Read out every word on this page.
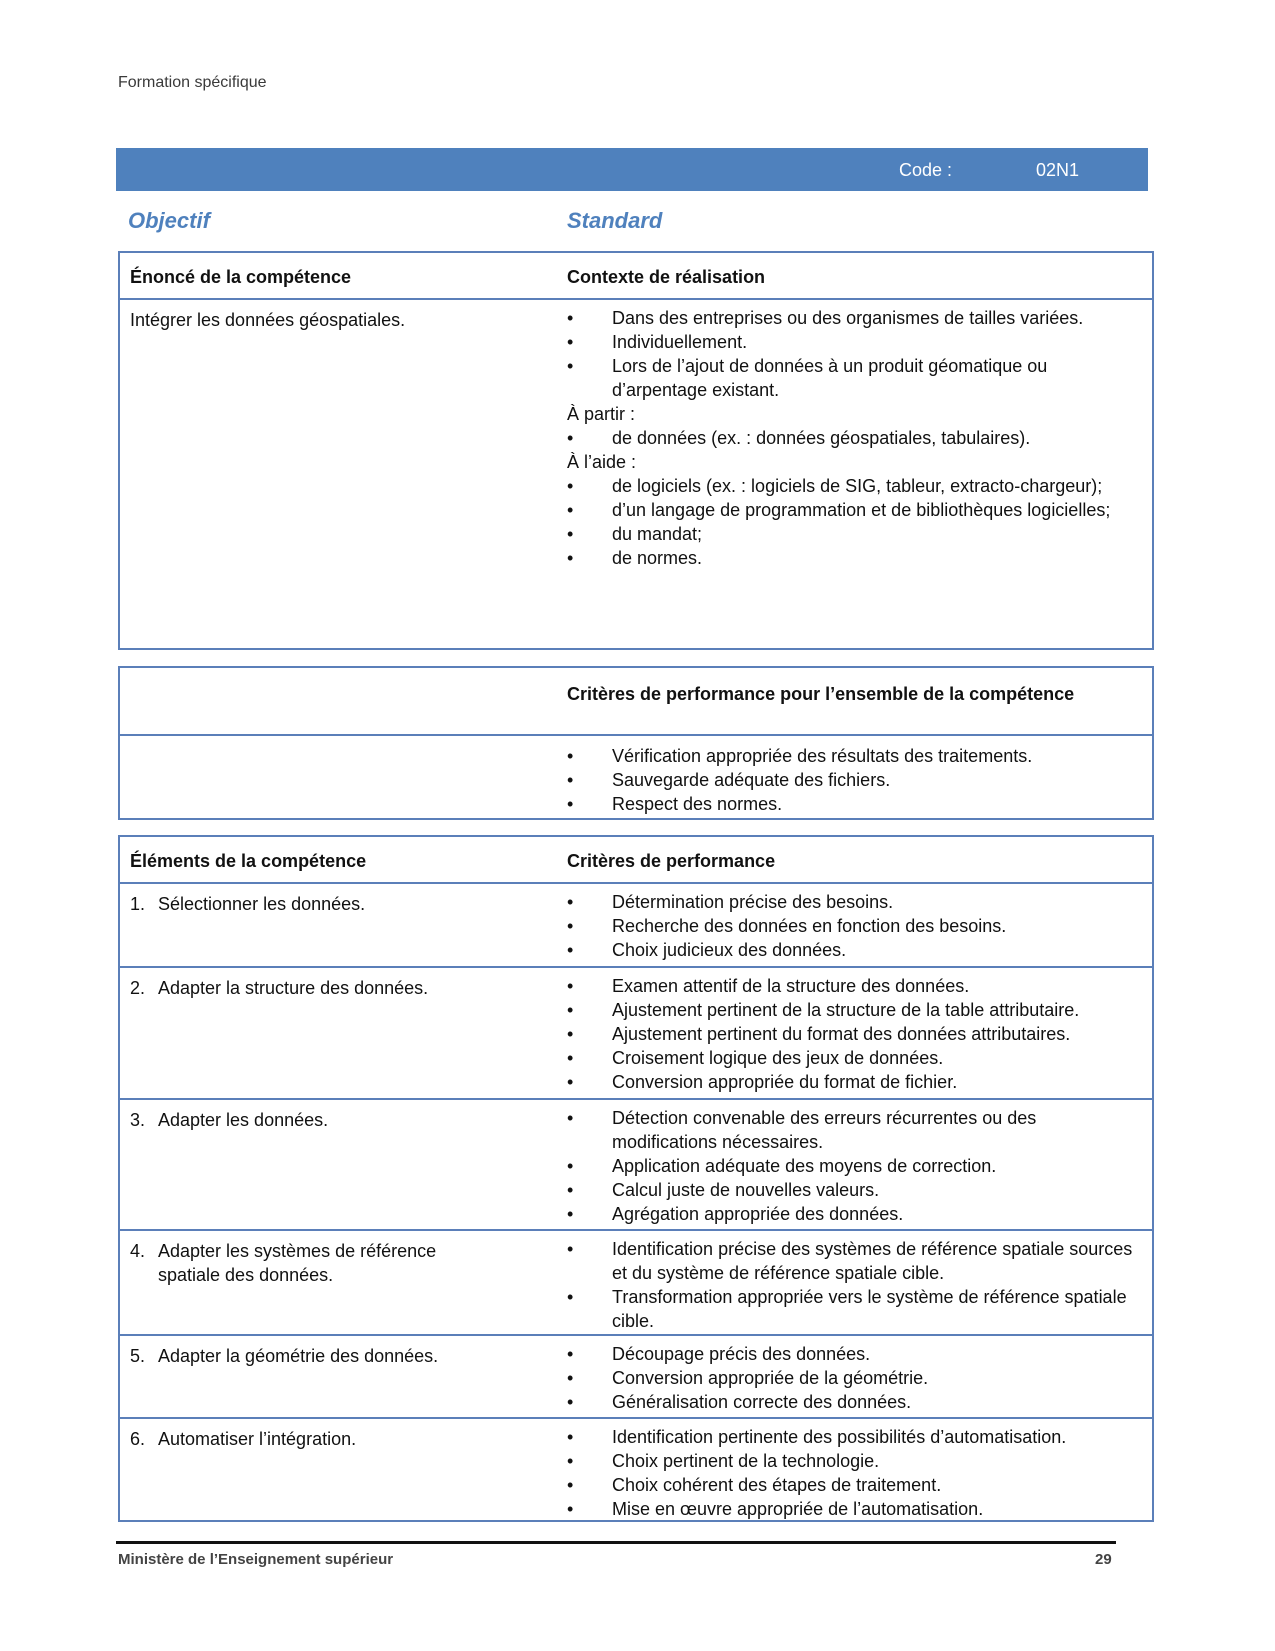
Formation spécifique
Code :	02N1
Objectif	Standard
Énoncé de la compétence	Contexte de réalisation
Intégrer les données géospatiales.	• Dans des entreprises ou des organismes de tailles variées.
• Individuellement.
• Lors de l’ajout de données à un produit géomatique ou d’arpentage existant.
À partir :
• de données (ex. : données géospatiales, tabulaires).
À l’aide :
• de logiciels (ex. : logiciels de SIG, tableur, extracto-chargeur);
• d’un langage de programmation et de bibliothèques logicielles;
• du mandat;
• de normes.
Critères de performance pour l’ensemble de la compétence
• Vérification appropriée des résultats des traitements.
• Sauvegarde adéquate des fichiers.
• Respect des normes.
Éléments de la compétence	Critères de performance
1. Sélectionner les données.	• Détermination précise des besoins.
• Recherche des données en fonction des besoins.
• Choix judicieux des données.
2. Adapter la structure des données.	• Examen attentif de la structure des données.
• Ajustement pertinent de la structure de la table attributaire.
• Ajustement pertinent du format des données attributaires.
• Croisement logique des jeux de données.
• Conversion appropriée du format de fichier.
3. Adapter les données.	• Détection convenable des erreurs récurrentes ou des modifications nécessaires.
• Application adéquate des moyens de correction.
• Calcul juste de nouvelles valeurs.
• Agrégation appropriée des données.
4. Adapter les systèmes de référence spatiale des données.
• Identification précise des systèmes de référence spatiale sources et du système de référence spatiale cible.
• Transformation appropriée vers le système de référence spatiale cible.
5. Adapter la géométrie des données.	• Découpage précis des données.
• Conversion appropriée de la géométrie.
• Généralisation correcte des données.
6. Automatiser l’intégration.	• Identification pertinente des possibilités d’automatisation.
• Choix pertinent de la technologie.
• Choix cohérent des étapes de traitement.
• Mise en œuvre appropriée de l’automatisation.
Ministère de l’Enseignement supérieur	29
